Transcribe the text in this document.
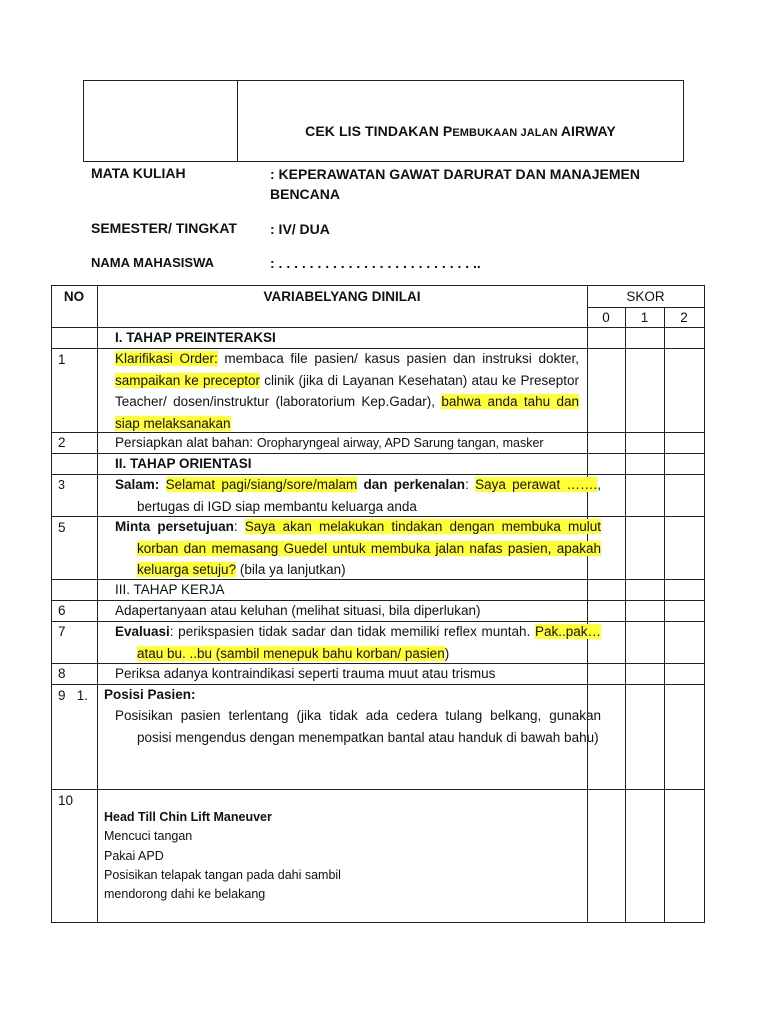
CEK LIS TINDAKAN PEMBUKAAN JALAN AIRWAY
MATA KULIAH	: KEPERAWATAN GAWAT DARURAT DAN MANAJEMEN BENCANA
SEMESTER/ TINGKAT : IV/ DUA
NAMA MAHASISWA	: . . . . . . . . . . . . . . . . . . . . . . . . . ..
NO	VARIABELYANG DINILAI	SKOR
0	1	2
I. TAHAP PREINTERAKSI
1	Klarifikasi Order: membaca file pasien/ kasus pasien dan instruksi dokter, sampaikan ke preceptor clinik (jika di Layanan Kesehatan) atau ke Preseptor Teacher/ dosen/instruktur (laboratorium Kep.Gadar), bahwa anda tahu dan siap melaksanakan
2	Persiapkan alat bahan: Oropharyngeal airway, APD Sarung tangan, masker
II. TAHAP ORIENTASI
3	Salam: Selamat pagi/siang/sore/malam dan perkenalan: Saya perawat ……., bertugas di IGD siap membantu keluarga anda
5	Minta persetujuan: Saya akan melakukan tindakan dengan membuka mulut korban dan memasang Guedel untuk membuka jalan nafas pasien, apakah keluarga setuju? (bila ya lanjutkan)
III. TAHAP KERJA
6	Adapertanyaan atau keluhan (melihat situasi, bila diperlukan)
7	Evaluasi: perikspasien tidak sadar dan tidak memiliki reflex muntah. Pak..pak…atau bu. ..bu (sambil menepuk bahu korban/ pasien)
8	Periksa adanya kontraindikasi seperti trauma muut atau trismus
9   1. Posisi Pasien:
Posisikan pasien terlentang (jika tidak ada cedera tulang belkang, gunakan posisi mengendus dengan menempatkan bantal atau handuk di bawah bahu)
10
Head Till Chin Lift Maneuver
Mencuci tangan
Pakai APD
Posisikan telapak tangan pada dahi sambil
mendorong dahi ke belakang
